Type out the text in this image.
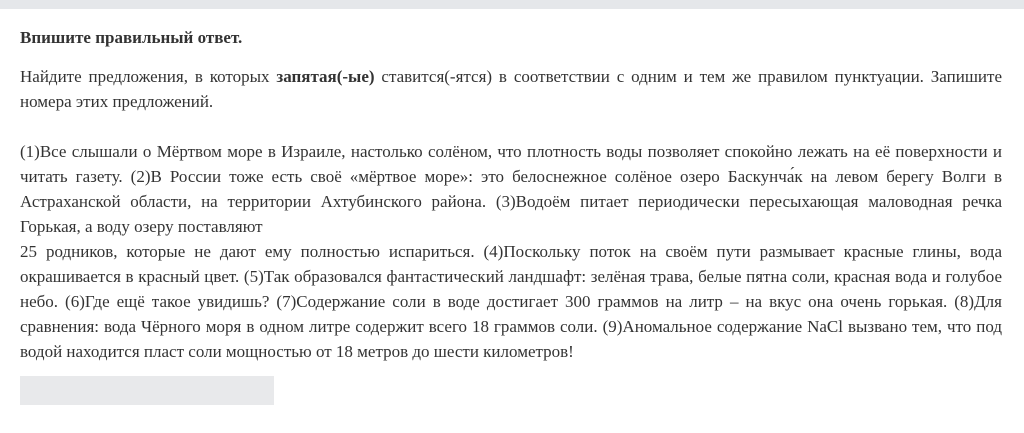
Впишите правильный ответ.
Найдите предложения, в которых запятая(-ые) ставится(-ятся) в соответствии с одним и тем же правилом пунктуации. Запишите номера этих предложений.
(1)Все слышали о Мёртвом море в Израиле, настолько солёном, что плотность воды позволяет спокойно лежать на её поверхности и читать газету. (2)В России тоже есть своё «мёртвое море»: это белоснежное солёное озеро Баскунча́к на левом берегу Волги в Астраханской области, на территории Ахтубинского района. (3)Водоём питает периодически пересыхающая маловодная речка Горькая, а воду озеру поставляют
25 родников, которые не дают ему полностью испариться. (4)Поскольку поток на своём пути размывает красные глины, вода окрашивается в красный цвет. (5)Так образовался фантастический ландшафт: зелёная трава, белые пятна соли, красная вода и голубое небо. (6)Где ещё такое увидишь? (7)Содержание соли в воде достигает 300 граммов на литр – на вкус она очень горькая. (8)Для сравнения: вода Чёрного моря в одном литре содержит всего 18 граммов соли. (9)Аномальное содержание NaCl вызвано тем, что под водой находится пласт соли мощностью от 18 метров до шести километров!
